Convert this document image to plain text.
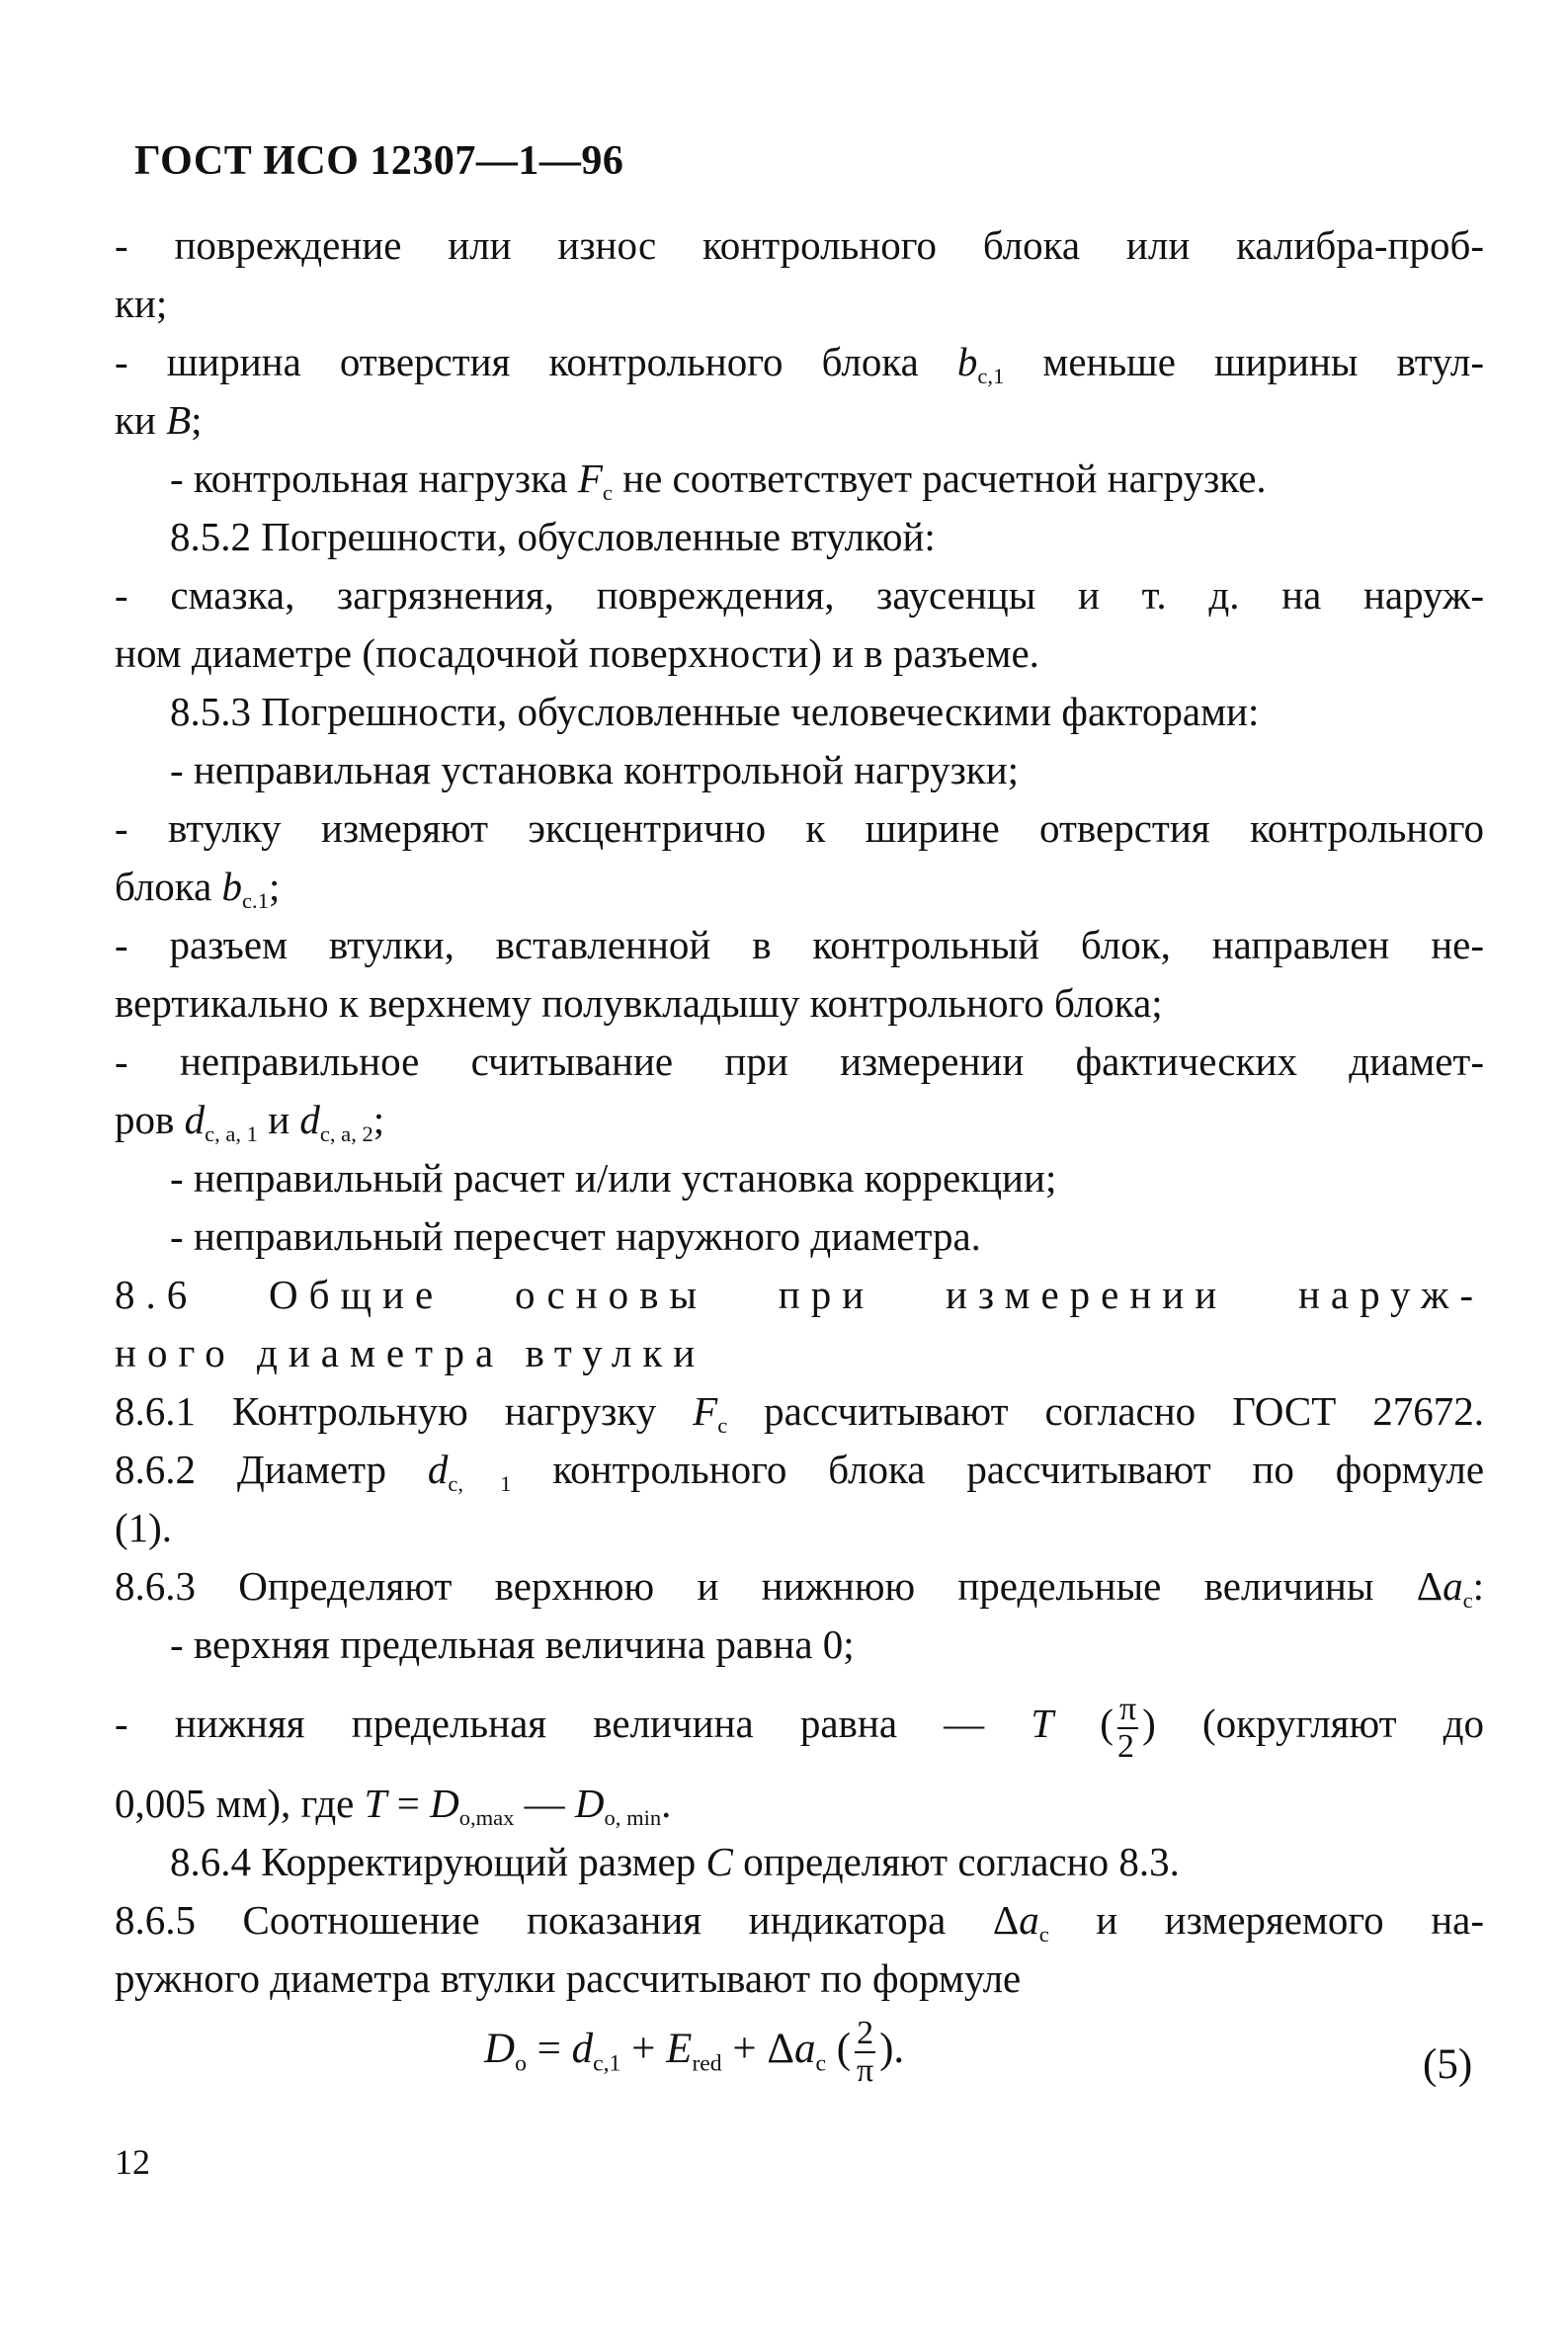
ГОСТ ИСО 12307—1—96
- повреждение или износ контрольного блока или калибра-проб-
ки;
- ширина отверстия контрольного блока $b_{c,1}$ меньше ширины втул-
ки B;
- контрольная нагрузка $F_c$ не соответствует расчетной нагрузке.
8.5.2 Погрешности, обусловленные втулкой:
- смазка, загрязнения, повреждения, заусенцы и т. д. на наруж-
ном диаметре (посадочной поверхности) и в разъеме.
8.5.3 Погрешности, обусловленные человеческими факторами:
- неправильная установка контрольной нагрузки;
- втулку измеряют эксцентрично к ширине отверстия контрольного
блока $b_{c.1}$;
- разъем втулки, вставленной в контрольный блок, направлен не-
вертикально к верхнему полувкладышу контрольного блока;
- неправильное считывание при измерении фактических диамет-
ров $d_{c, a, 1}$ и $d_{c, a, 2}$;
- неправильный расчет и/или установка коррекции;
- неправильный пересчет наружного диаметра.
8.6 Общие основы при измерении наруж-
ного диаметра втулки
8.6.1 Контрольную нагрузку $F_c$ рассчитывают согласно ГОСТ 27672.
8.6.2 Диаметр $d_{c, 1}$ контрольного блока рассчитывают по формуле
(1).
8.6.3 Определяют верхнюю и нижнюю предельные величины $\Delta a_c$:
- верхняя предельная величина равна 0;
- нижняя предельная величина равна — T ( $\frac{\pi}{2}$ ) (округляют до
0,005 мм), где $T = D_{o,max}$ — $D_{o, min}$.
8.6.4 Корректирующий размер C определяют согласно 8.3.
8.6.5 Соотношение показания индикатора $\Delta a_c$ и измеряемого на-
ружного диаметра втулки рассчитывают по формуле
$D_o = d_{c,1} + E_{red} + \Delta a_c$ ( $\frac{2}{\pi}$ ).	(5)
12
